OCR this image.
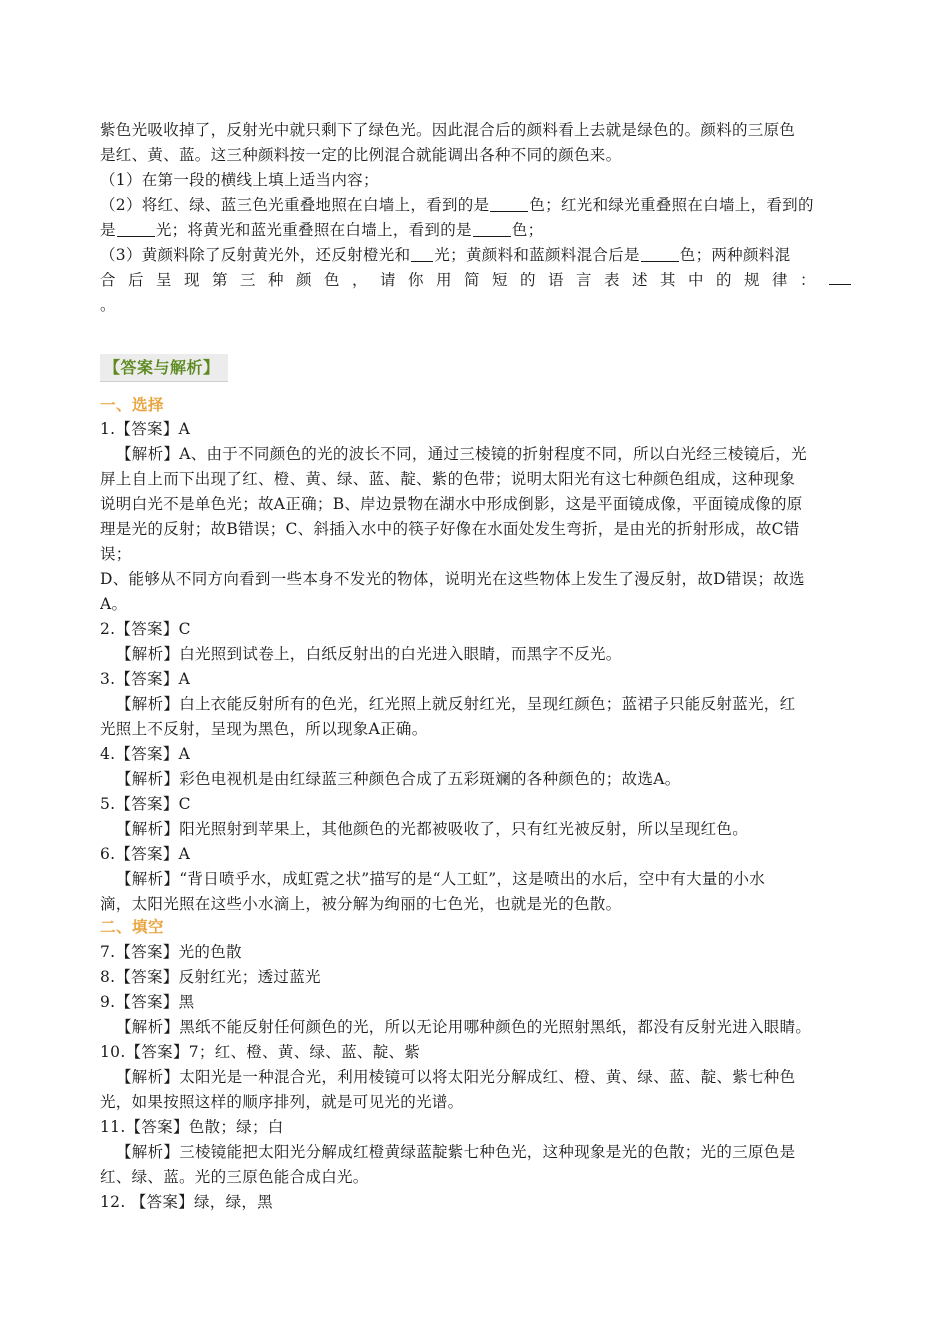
紫色光吸收掉了，反射光中就只剩下了绿色光。因此混合后的颜料看上去就是绿色的。颜料的三原色
是红、黄、蓝。这三种颜料按一定的比例混合就能调出各种不同的颜色来。
（1）在第一段的横线上填上适当内容；
（2）将红、绿、蓝三色光重叠地照在白墙上，看到的是	色；红光和绿光重叠照在白墙上，看到的
是	光；将黄光和蓝光重叠照在白墙上，看到的是	色；
（3）黄颜料除了反射黄光外，还反射橙光和 光；黄颜料和蓝颜料混合后是	色；两种颜料混
合 后 呈 现 第 三 种 颜 色 ， 请 你 用 简 短 的 语 言 表 述 其 中 的 规 律 ：
。
【答案与解析】
一、选择
1.【答案】A
【解析】A、由于不同颜色的光的波长不同，通过三棱镜的折射程度不同，所以白光经三棱镜后，光
屏上自上而下出现了红、橙、黄、绿、蓝、靛、紫的色带；说明太阳光有这七种颜色组成，这种现象
说明白光不是单色光；故A正确；B、岸边景物在湖水中形成倒影，这是平面镜成像，平面镜成像的原
理是光的反射；故B错误；C、斜插入水中的筷子好像在水面处发生弯折，是由光的折射形成，故C错
误；
D、能够从不同方向看到一些本身不发光的物体，说明光在这些物体上发生了漫反射，故D错误；故选
A。
2.【答案】C
【解析】白光照到试卷上，白纸反射出的白光进入眼睛，而黑字不反光。
3.【答案】A
【解析】白上衣能反射所有的色光，红光照上就反射红光，呈现红颜色；蓝裙子只能反射蓝光，红
光照上不反射，呈现为黑色，所以现象A正确。
4.【答案】A
【解析】彩色电视机是由红绿蓝三种颜色合成了五彩斑斓的各种颜色的；故选A。
5.【答案】C
【解析】阳光照射到苹果上，其他颜色的光都被吸收了，只有红光被反射，所以呈现红色。
6.【答案】A
【解析】“背日喷乎水，成虹霓之状”描写的是“人工虹”，这是喷出的水后，空中有大量的小水
滴，太阳光照在这些小水滴上，被分解为绚丽的七色光，也就是光的色散。
二、填空
7.【答案】光的色散
8.【答案】反射红光；透过蓝光
9.【答案】黑
【解析】黑纸不能反射任何颜色的光，所以无论用哪种颜色的光照射黑纸，都没有反射光进入眼睛。
10.【答案】7；红、橙、黄、绿、蓝、靛、紫
【解析】太阳光是一种混合光，利用棱镜可以将太阳光分解成红、橙、黄、绿、蓝、靛、紫七种色
光，如果按照这样的顺序排列，就是可见光的光谱。
11.【答案】色散；绿；白
【解析】三棱镜能把太阳光分解成红橙黄绿蓝靛紫七种色光，这种现象是光的色散；光的三原色是
红、绿、蓝。光的三原色能合成白光。
12. 【答案】绿，绿，黑
